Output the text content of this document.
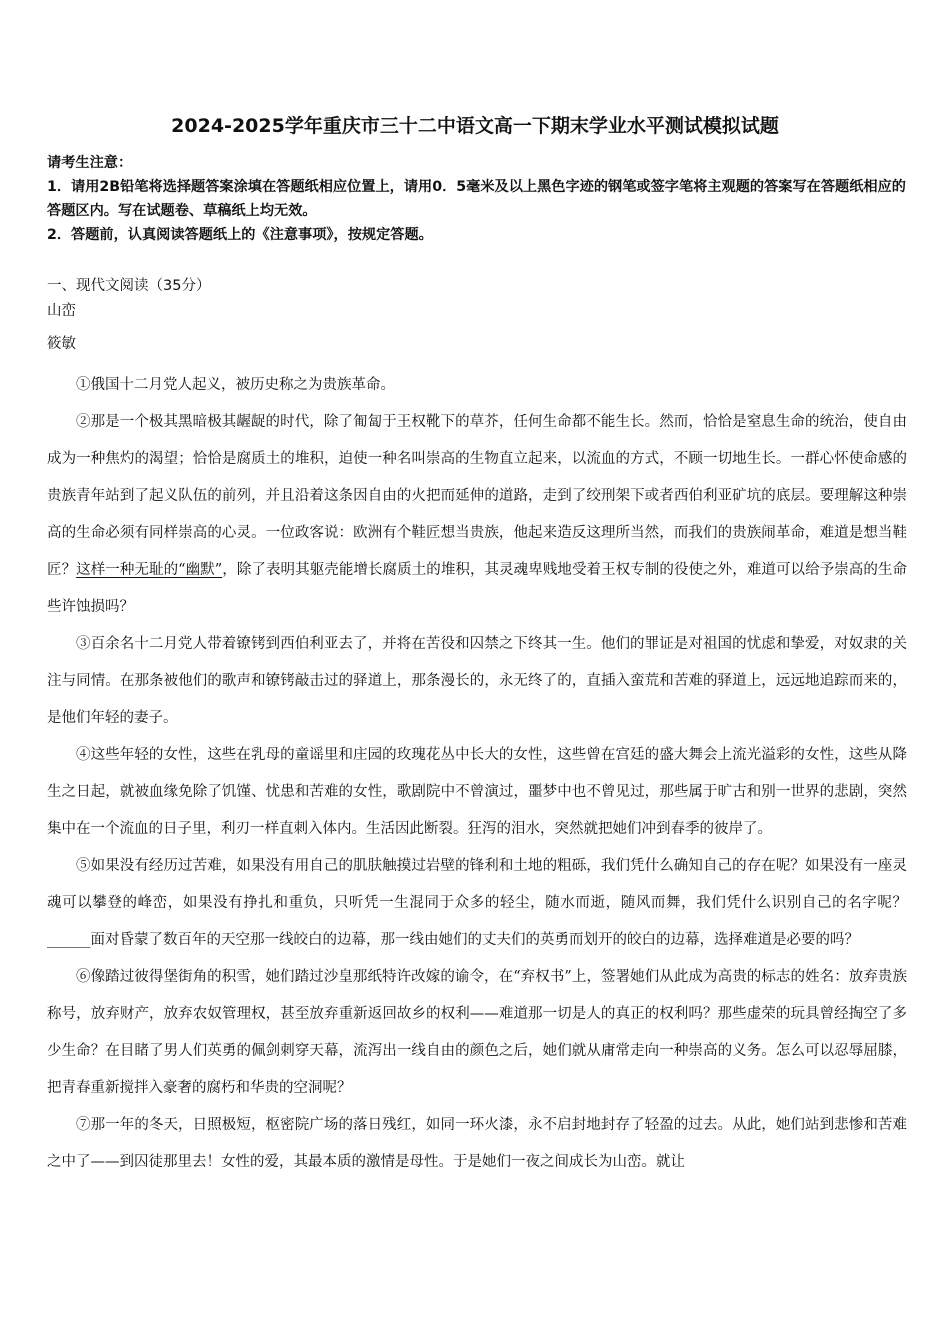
2024-2025学年重庆市三十二中语文高一下期末学业水平测试模拟试题

请考生注意：

1．请用2B铅笔将选择题答案涂填在答题纸相应位置上，请用0．5毫米及以上黑色字迹的钢笔或签字笔将主观题的答案写在答题纸相应的答题区内。写在试题卷、草稿纸上均无效。

2．答题前，认真阅读答题纸上的《注意事项》，按规定答题。

一、现代文阅读（35分）
山峦
筱敏

①俄国十二月党人起义，被历史称之为贵族革命。

②那是一个极其黑暗极其龌龊的时代，除了匍匐于王权靴下的草芥，任何生命都不能生长。然而，恰恰是窒息生命的统治，使自由成为一种焦灼的渴望；恰恰是腐质土的堆积，迫使一种名叫崇高的生物直立起来，以流血的方式，不顾一切地生长。一群心怀使命感的贵族青年站到了起义队伍的前列，并且沿着这条因自由的火把而延伸的道路，走到了绞刑架下或者西伯利亚矿坑的底层。要理解这种崇高的生命必须有同样崇高的心灵。一位政客说：欧洲有个鞋匠想当贵族，他起来造反这理所当然，而我们的贵族闹革命，难道是想当鞋匠？这样一种无耻的“幽默”，除了表明其躯壳能增长腐质土的堆积，其灵魂卑贱地受着王权专制的役使之外，难道可以给予崇高的生命些许蚀损吗？

③百余名十二月党人带着镣铐到西伯利亚去了，并将在苦役和囚禁之下终其一生。他们的罪证是对祖国的忧虑和挚爱，对奴隶的关注与同情。在那条被他们的歌声和镣铐敲击过的驿道上，那条漫长的，永无终了的，直插入蛮荒和苦难的驿道上，远远地追踪而来的，是他们年轻的妻子。

④这些年轻的女性，这些在乳母的童谣里和庄园的玫瑰花丛中长大的女性，这些曾在宫廷的盛大舞会上流光溢彩的女性，这些从降生之日起，就被血缘免除了饥馑、忧患和苦难的女性，歌剧院中不曾演过，噩梦中也不曾见过，那些属于旷古和别一世界的悲剧，突然集中在一个流血的日子里，利刃一样直刺入体内。生活因此断裂。狂泻的泪水，突然就把她们冲到春季的彼岸了。

⑤如果没有经历过苦难，如果没有用自己的肌肤触摸过岩壁的锋利和土地的粗砾，我们凭什么确知自己的存在呢？如果没有一座灵魂可以攀登的峰峦，如果没有挣扎和重负，只听凭一生混同于众多的轻尘，随水而逝，随风而舞，我们凭什么识别自己的名字呢？______面对昏蒙了数百年的天空那一线皎白的边幕，那一线由她们的丈夫们的英勇而划开的皎白的边幕，选择难道是必要的吗？

⑥像踏过彼得堡街角的积雪，她们踏过沙皇那纸特许改嫁的谕令，在“弃权书”上，签署她们从此成为高贵的标志的姓名：放弃贵族称号，放弃财产，放弃农奴管理权，甚至放弃重新返回故乡的权利——难道那一切是人的真正的权利吗？那些虚荣的玩具曾经掏空了多少生命？在目睹了男人们英勇的佩剑刺穿天幕，流泻出一线自由的颜色之后，她们就从庸常走向一种崇高的义务。怎么可以忍辱屈膝，把青春重新搅拌入豪奢的腐朽和华贵的空洞呢？

⑦那一年的冬天，日照极短，枢密院广场的落日残红，如同一环火漆，永不启封地封存了轻盈的过去。从此，她们站到悲惨和苦难之中了——到囚徒那里去！女性的爱，其最本质的激情是母性。于是她们一夜之间成长为山峦。就让
